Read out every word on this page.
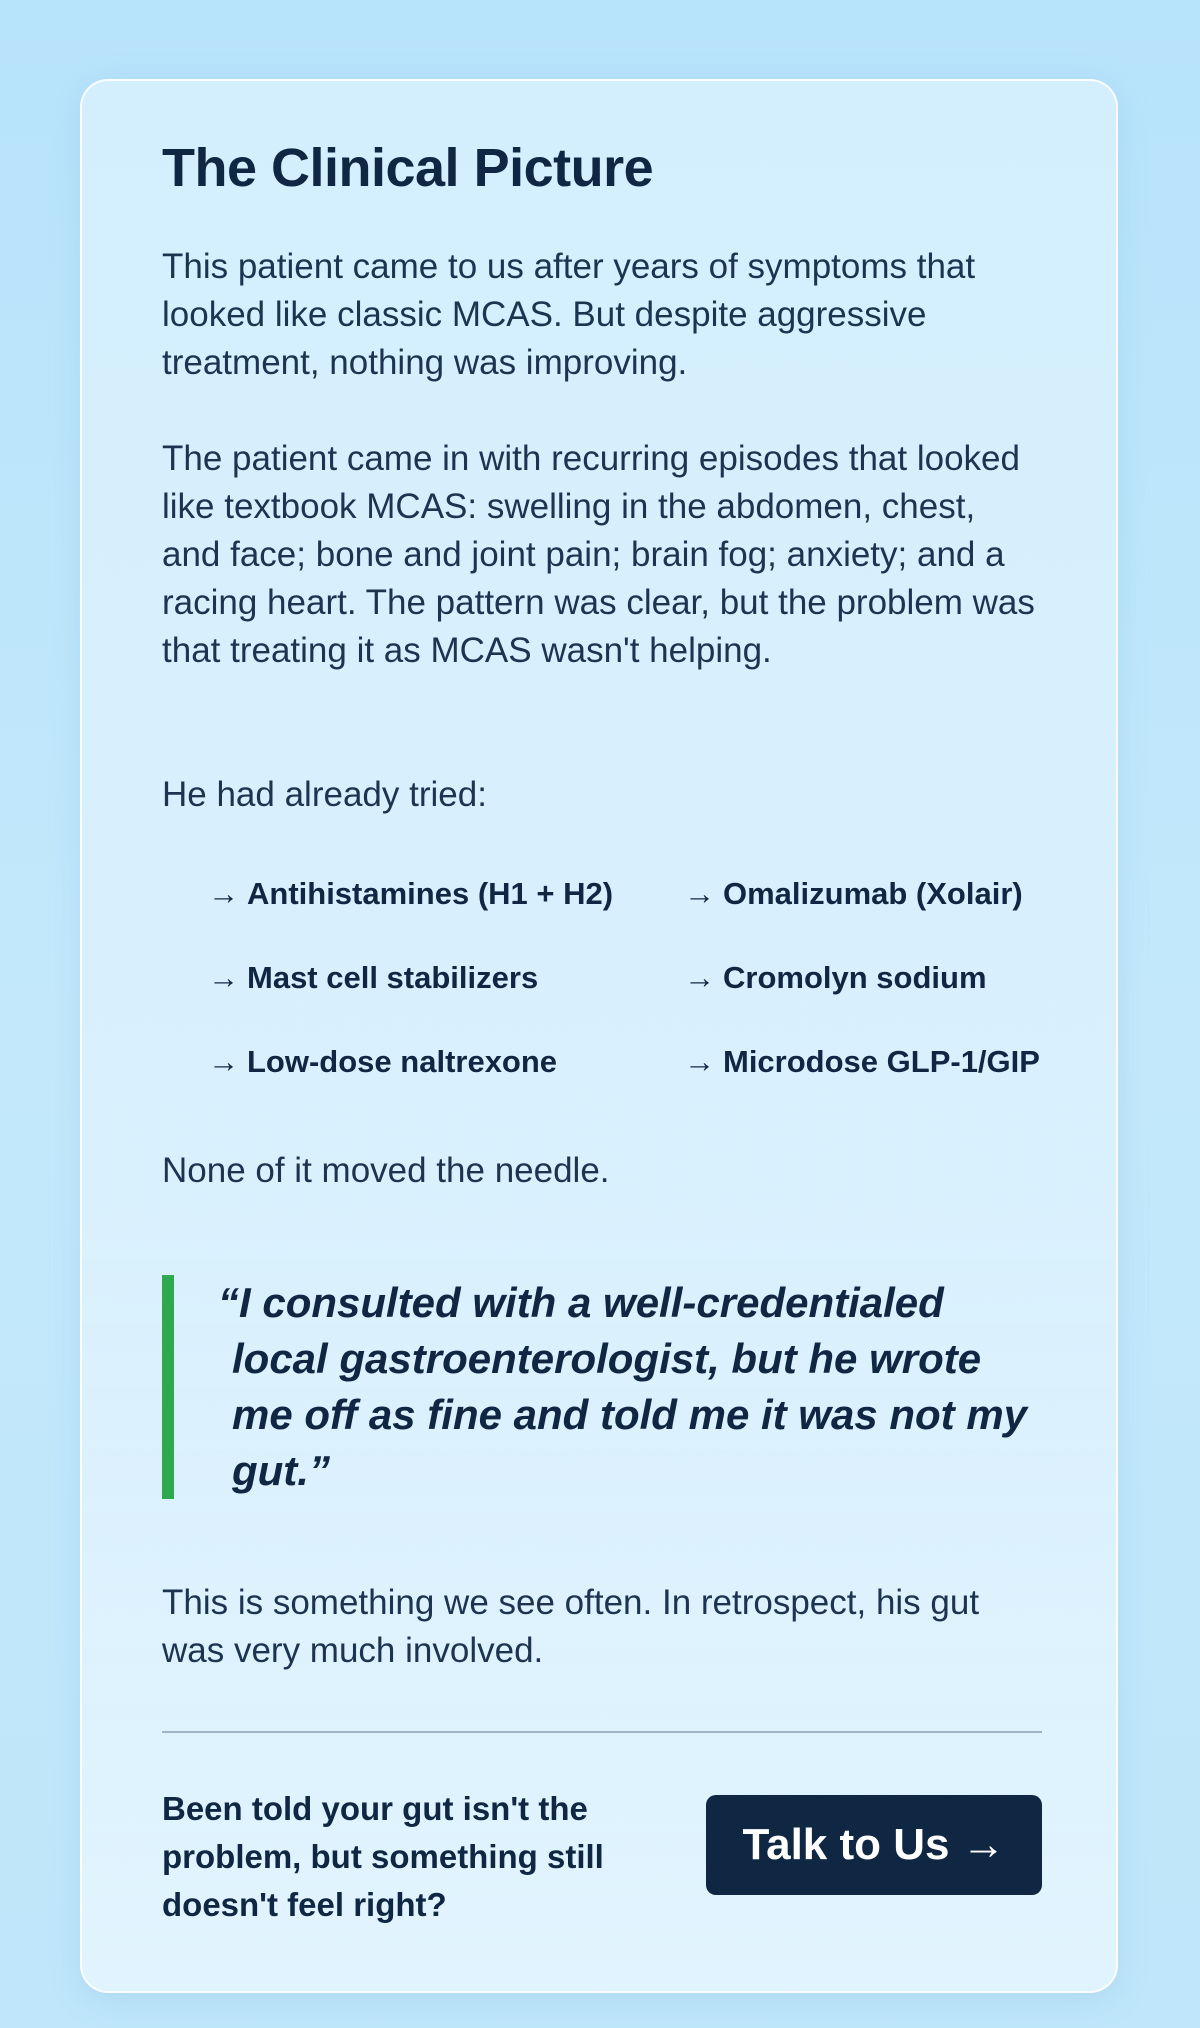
The Clinical Picture

This patient came to us after years of symptoms that looked like classic MCAS. But despite aggressive treatment, nothing was improving.

The patient came in with recurring episodes that looked like textbook MCAS: swelling in the abdomen, chest, and face; bone and joint pain; brain fog; anxiety; and a racing heart. The pattern was clear, but the problem was that treating it as MCAS wasn't helping.

He had already tried:

→ Antihistamines (H1 + H2)	→ Omalizumab (Xolair)
→ Mast cell stabilizers	→ Cromolyn sodium
→ Low-dose naltrexone	→ Microdose GLP-1/GIP

None of it moved the needle.

“I consulted with a well-credentialed local gastroenterologist, but he wrote me off as fine and told me it was not my gut.”

This is something we see often. In retrospect, his gut was very much involved.

Been told your gut isn't the problem, but something still doesn't feel right?

Talk to Us →
